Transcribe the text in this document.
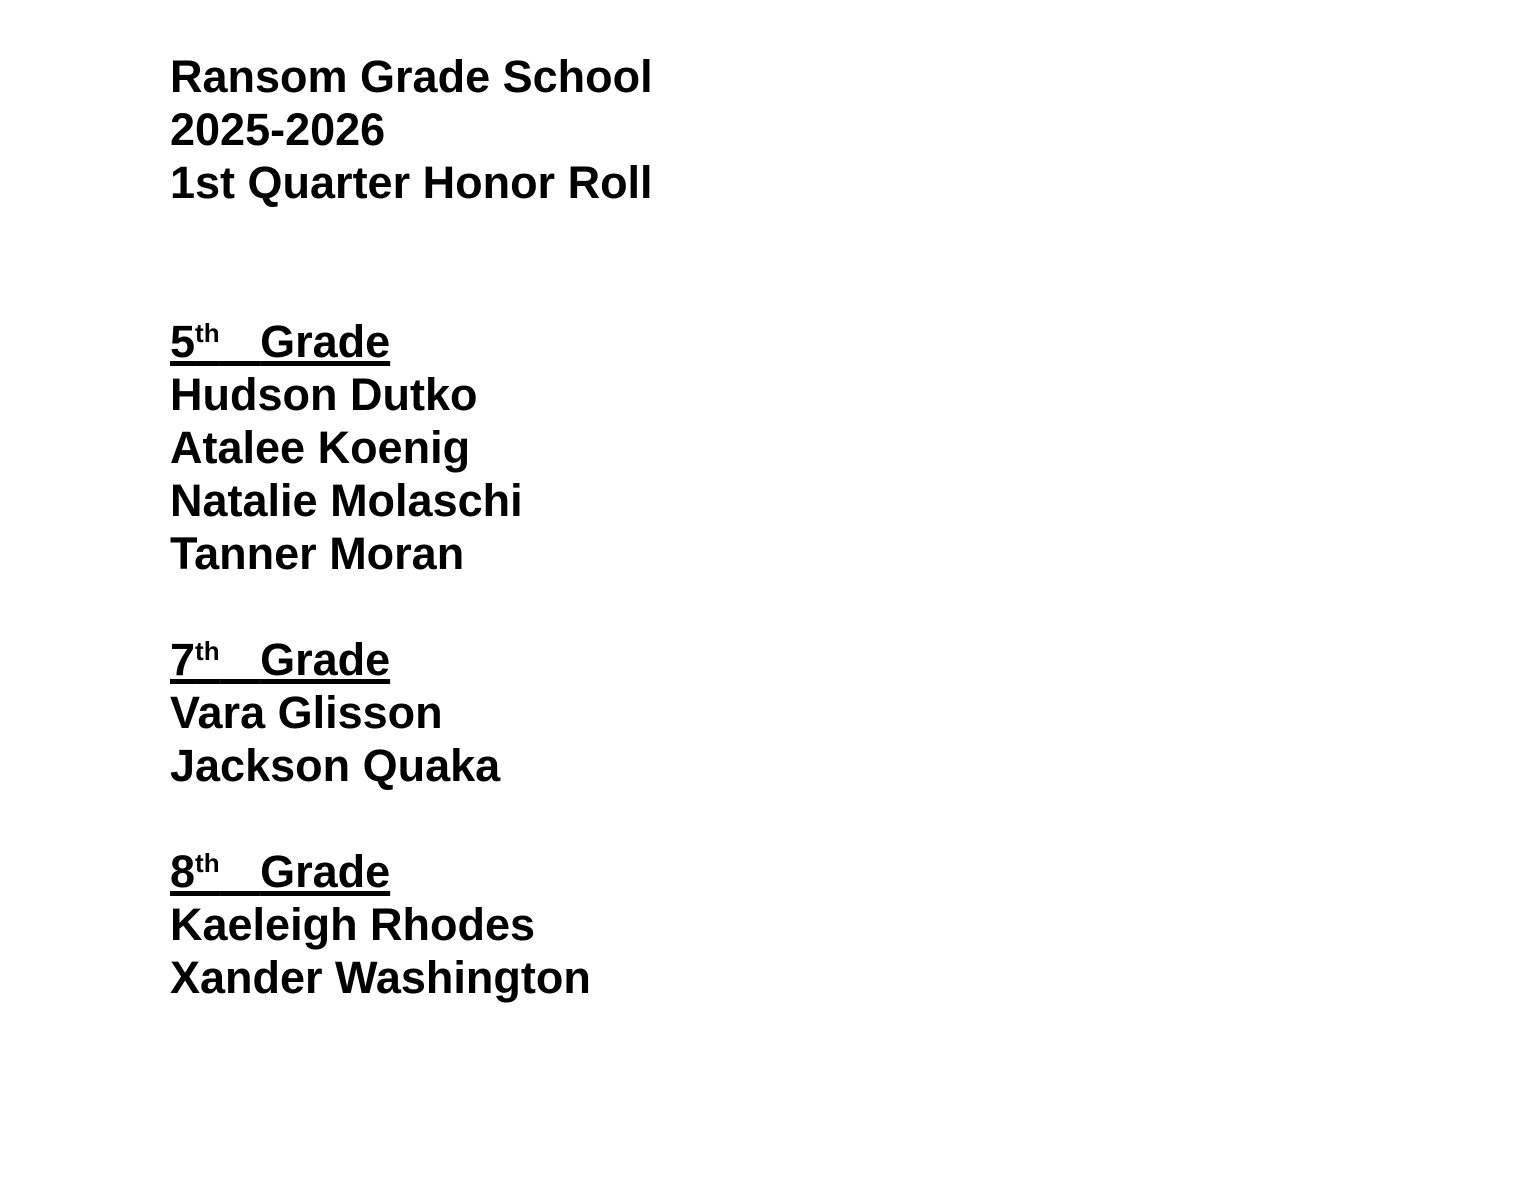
Ransom Grade School
2025-2026
1st Quarter Honor Roll
5th Grade
Hudson Dutko
Atalee Koenig
Natalie Molaschi
Tanner Moran
7th Grade
Vara Glisson
Jackson Quaka
8th Grade
Kaeleigh Rhodes
Xander Washington
